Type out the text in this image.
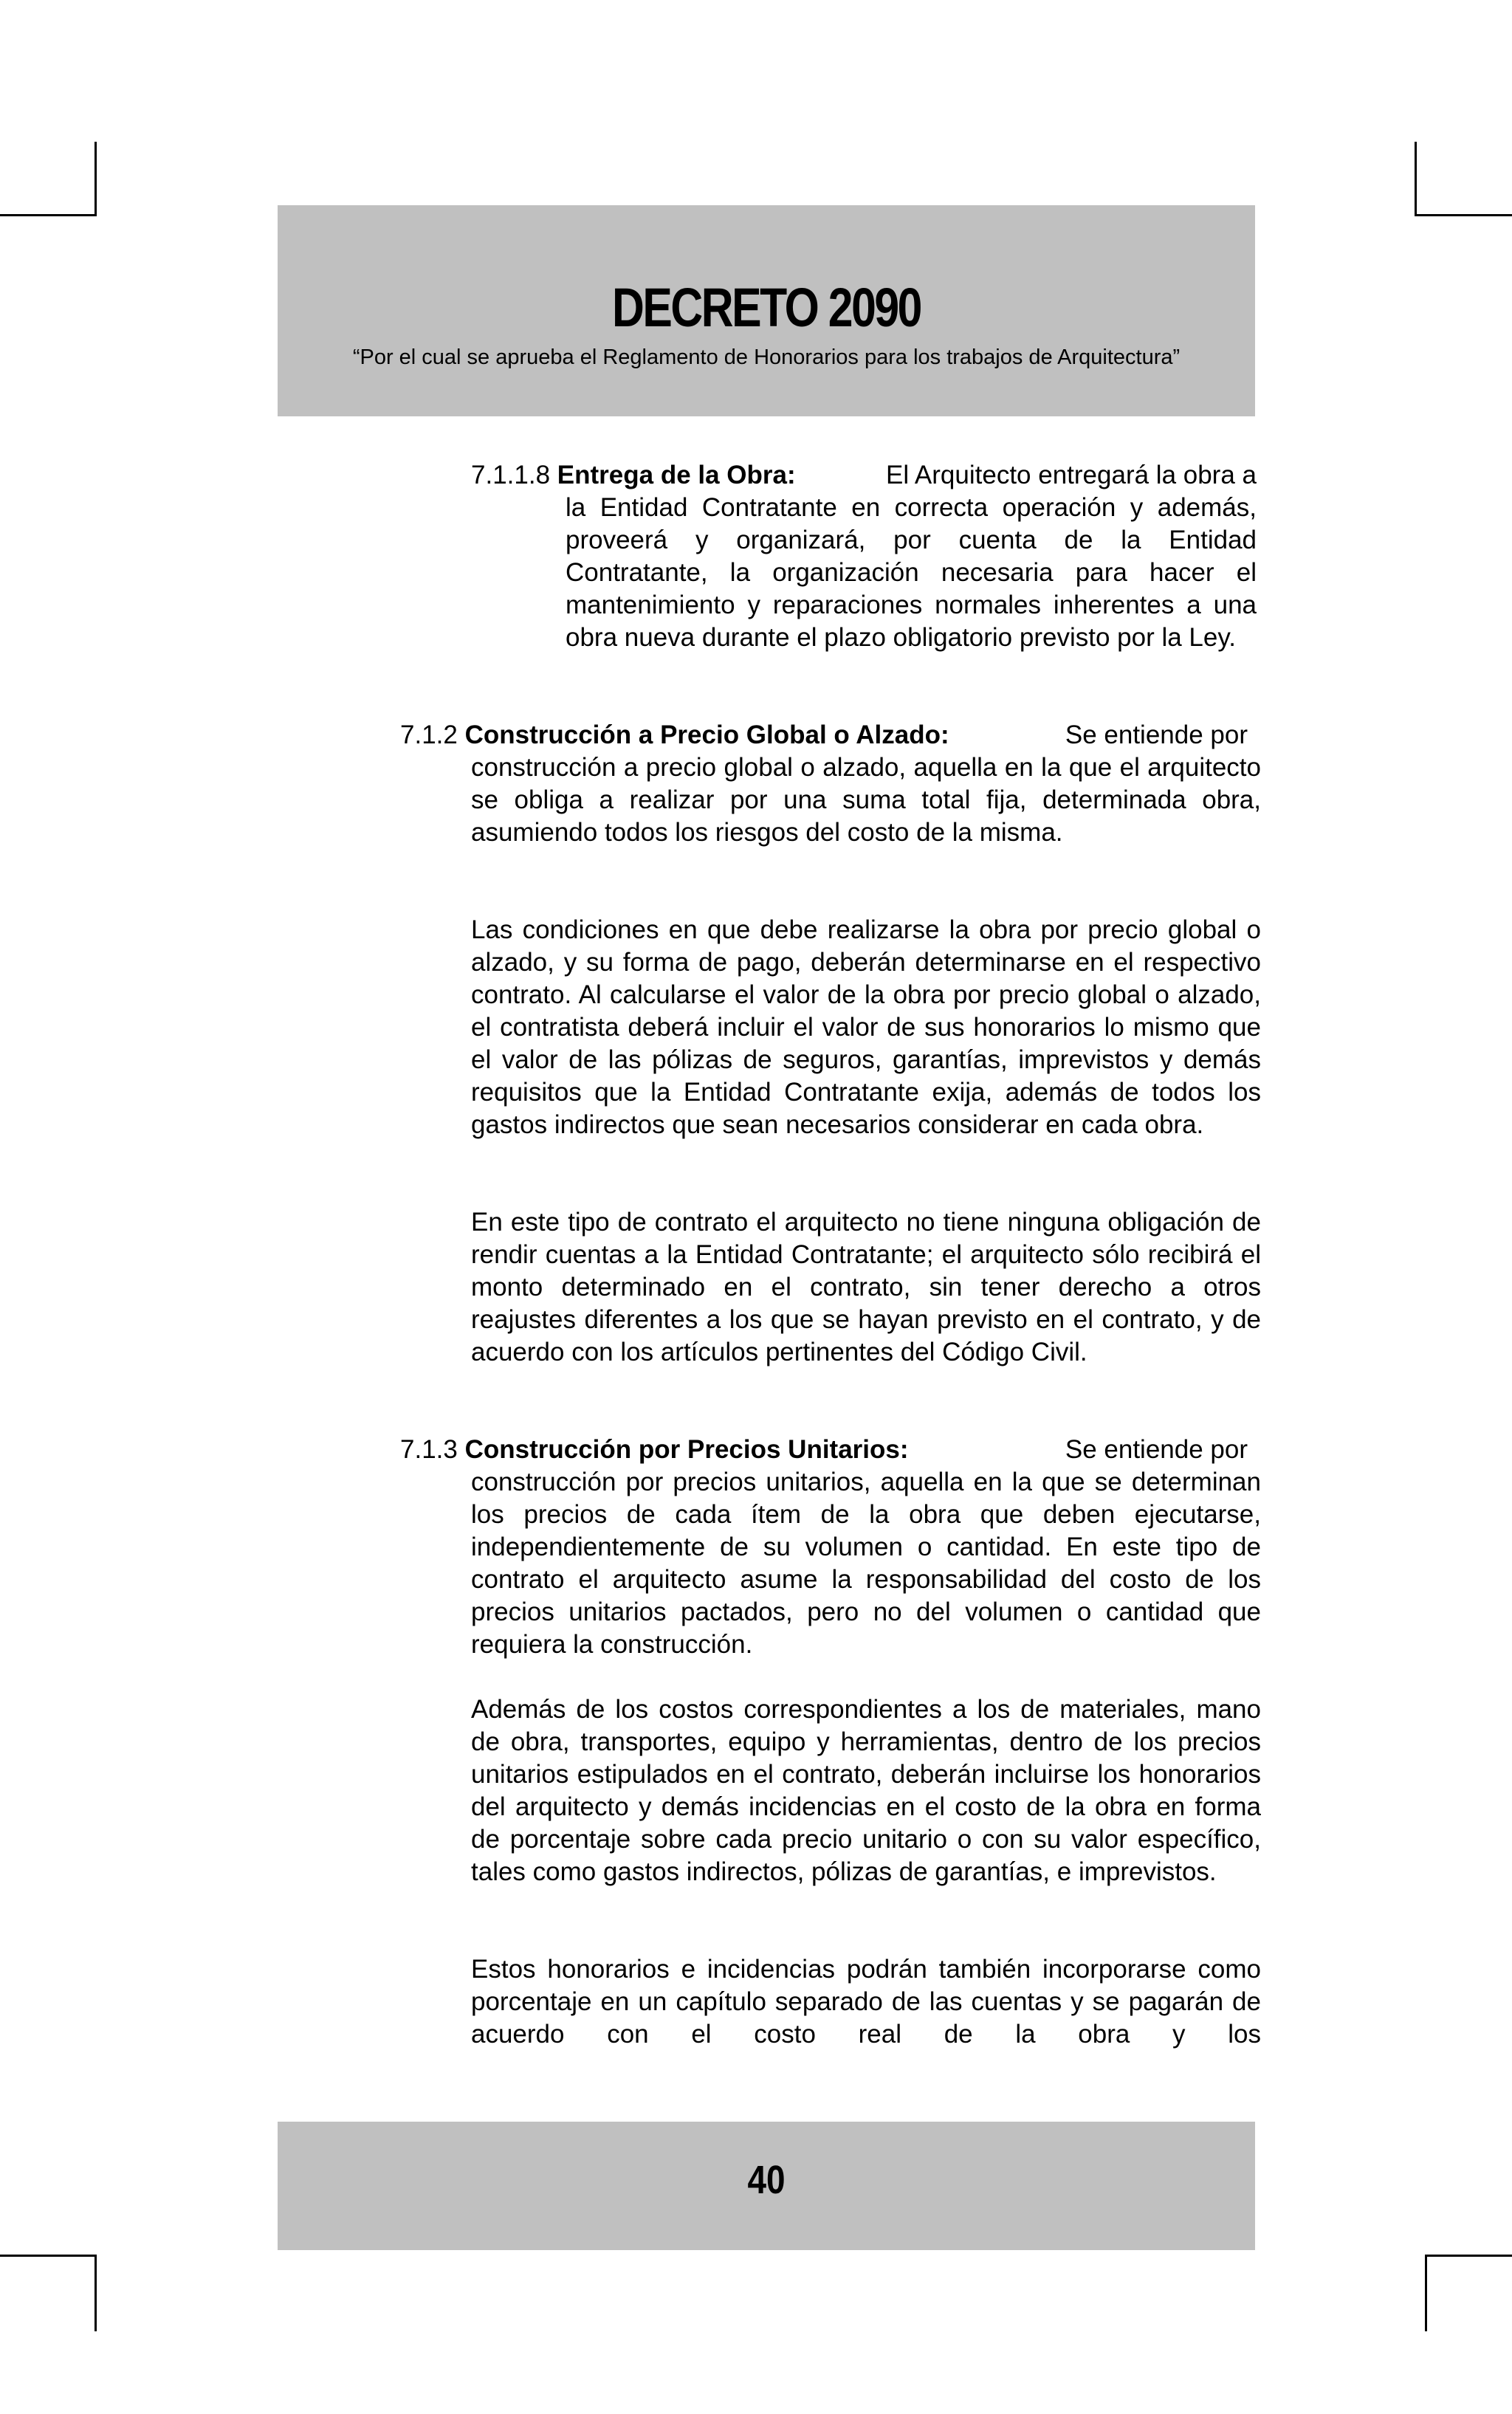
DECRETO 2090
“Por el cual se aprueba el Reglamento de Honorarios para los trabajos de Arquitectura”
7.1.1.8 Entrega de la Obra:	El Arquitecto entregará la obra a
la Entidad Contratante en correcta operación y además, proveerá y organizará, por cuenta de la Entidad Contratante, la organización necesaria para hacer el mantenimiento y reparaciones normales inherentes a una obra nueva durante el plazo obligatorio previsto por la Ley.
7.1.2 Construcción a Precio Global o Alzado:	Se entiende por
construcción a precio global o alzado, aquella en la que el arquitecto se obliga a realizar por una suma total fija, determinada obra, asumiendo todos los riesgos del costo de la misma.
Las condiciones en que debe realizarse la obra por precio global o alzado, y su forma de pago, deberán determinarse en el respectivo contrato. Al calcularse el valor de la obra por precio global o alzado, el contratista deberá incluir el valor de sus honorarios lo mismo que el valor de las pólizas de seguros, garantías, imprevistos y demás requisitos que la Entidad Contratante exija, además de todos los gastos indirectos que sean necesarios considerar en cada obra.
En este tipo de contrato el arquitecto no tiene ninguna obligación de rendir cuentas a la Entidad Contratante; el arquitecto sólo recibirá el monto determinado en el contrato, sin tener derecho a otros reajustes diferentes a los que se hayan previsto en el contrato, y de acuerdo con los artículos pertinentes del Código Civil.
7.1.3 Construcción por Precios Unitarios:	Se entiende por
construcción por precios unitarios, aquella en la que se determinan los precios de cada ítem de la obra que deben ejecutarse, independientemente de su volumen o cantidad. En este tipo de contrato el arquitecto asume la responsabilidad del costo de los precios unitarios pactados, pero no del volumen o cantidad que requiera la construcción.
Además de los costos correspondientes a los de materiales, mano de obra, transportes, equipo y herramientas, dentro de los precios unitarios estipulados en el contrato, deberán incluirse los honorarios del arquitecto y demás incidencias en el costo de la obra en forma de porcentaje sobre cada precio unitario o con su valor específico, tales como gastos indirectos, pólizas de garantías, e imprevistos.
Estos honorarios e incidencias podrán también incorporarse como porcentaje en un capítulo separado de las cuentas y se pagarán de acuerdo con el costo real de la obra y los
40
